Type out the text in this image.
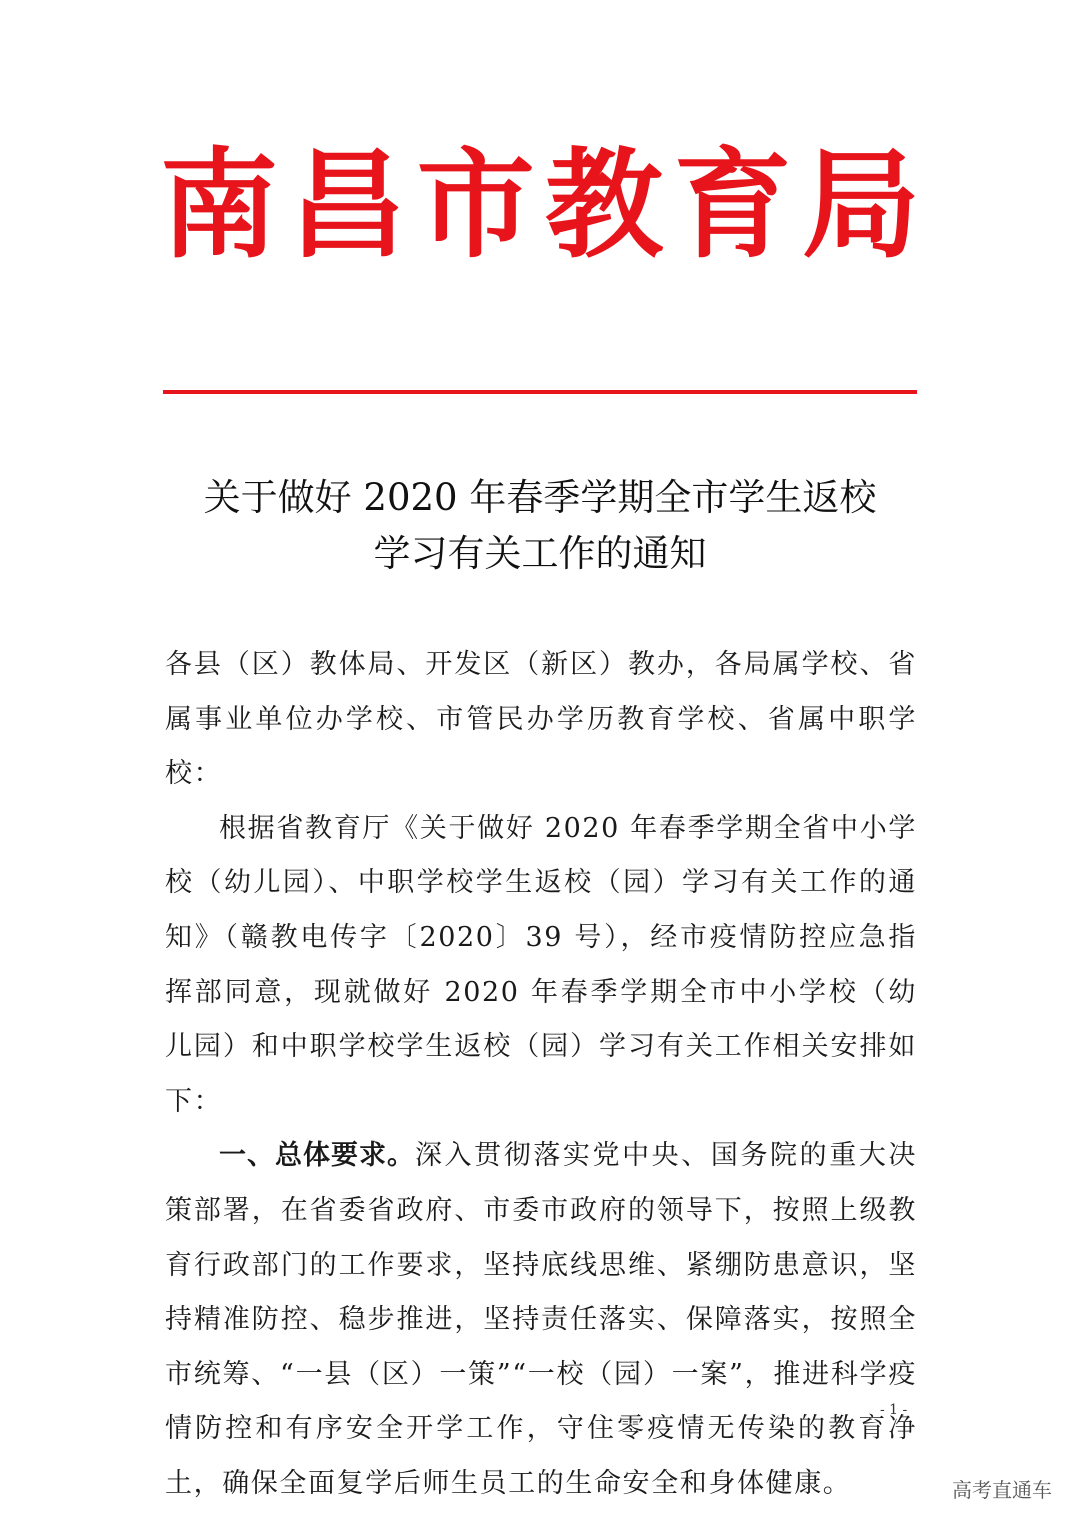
南 昌 市 教 育 局
关于做好 2020 年春季学期全市学生返校
学习有关工作的通知

各县（区）教体局、开发区（新区）教办，各局属学校、省属事业单位办学校、市管民办学历教育学校、省属中职学校：

根据省教育厅《关于做好 2020 年春季学期全省中小学校（幼儿园）、中职学校学生返校（园）学习有关工作的通知》（赣教电传字〔2020〕39 号），经市疫情防控应急指挥部同意，现就做好 2020 年春季学期全市中小学校（幼儿园）和中职学校学生返校（园）学习有关工作相关安排如下：

一、总体要求。深入贯彻落实党中央、国务院的重大决策部署，在省委省政府、市委市政府的领导下，按照上级教育行政部门的工作要求，坚持底线思维、紧绷防患意识，坚持精准防控、稳步推进，坚持责任落实、保障落实，按照全市统筹、“一县（区）一策”“一校（园）一案”，推进科学疫情防控和有序安全开学工作，守住零疫情无传染的教育净土，确保全面复学后师生员工的生命安全和身体健康。

- 1 -
高考直通车
